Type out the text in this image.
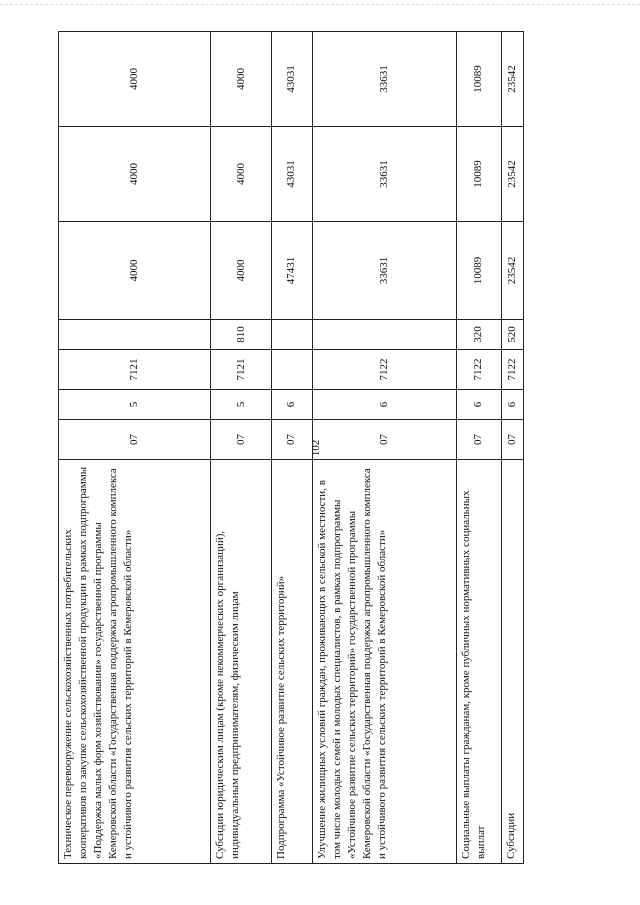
102
Техническое перевооружение сельскохозяйственных потребительских кооперативов по закупке сельскохозяйственной продукции в рамках подпрограммы «Поддержка малых форм хозяйствования» государственной программы Кемеровской области «Государственная поддержка агропромышленного комплекса и устойчивого развития сельских территорий в Кемеровской области»	07	5	7121		4000	4000	4000
Субсидии юридическим лицам (кроме некоммерческих организаций), индивидуальным предпринимателям, физическим лицам	07	5	7121	810	4000	4000	4000
Подпрограмма «Устойчивое развитие сельских территорий»	07	6			47431	43031	43031
Улучшение жилищных условий граждан, проживающих в сельской местности, в том числе молодых семей и молодых специалистов, в рамках подпрограммы «Устойчивое развитие сельских территорий» государственной программы Кемеровской области «Государственная поддержка агропромышленного комплекса и устойчивого развития сельских территорий в Кемеровской области»	07	6	7122		33631	33631	33631
Социальные выплаты гражданам, кроме публичных нормативных социальных выплат	07	6	7122	320	10089	10089	10089
Субсидии	07	6	7122	520	23542	23542	23542
